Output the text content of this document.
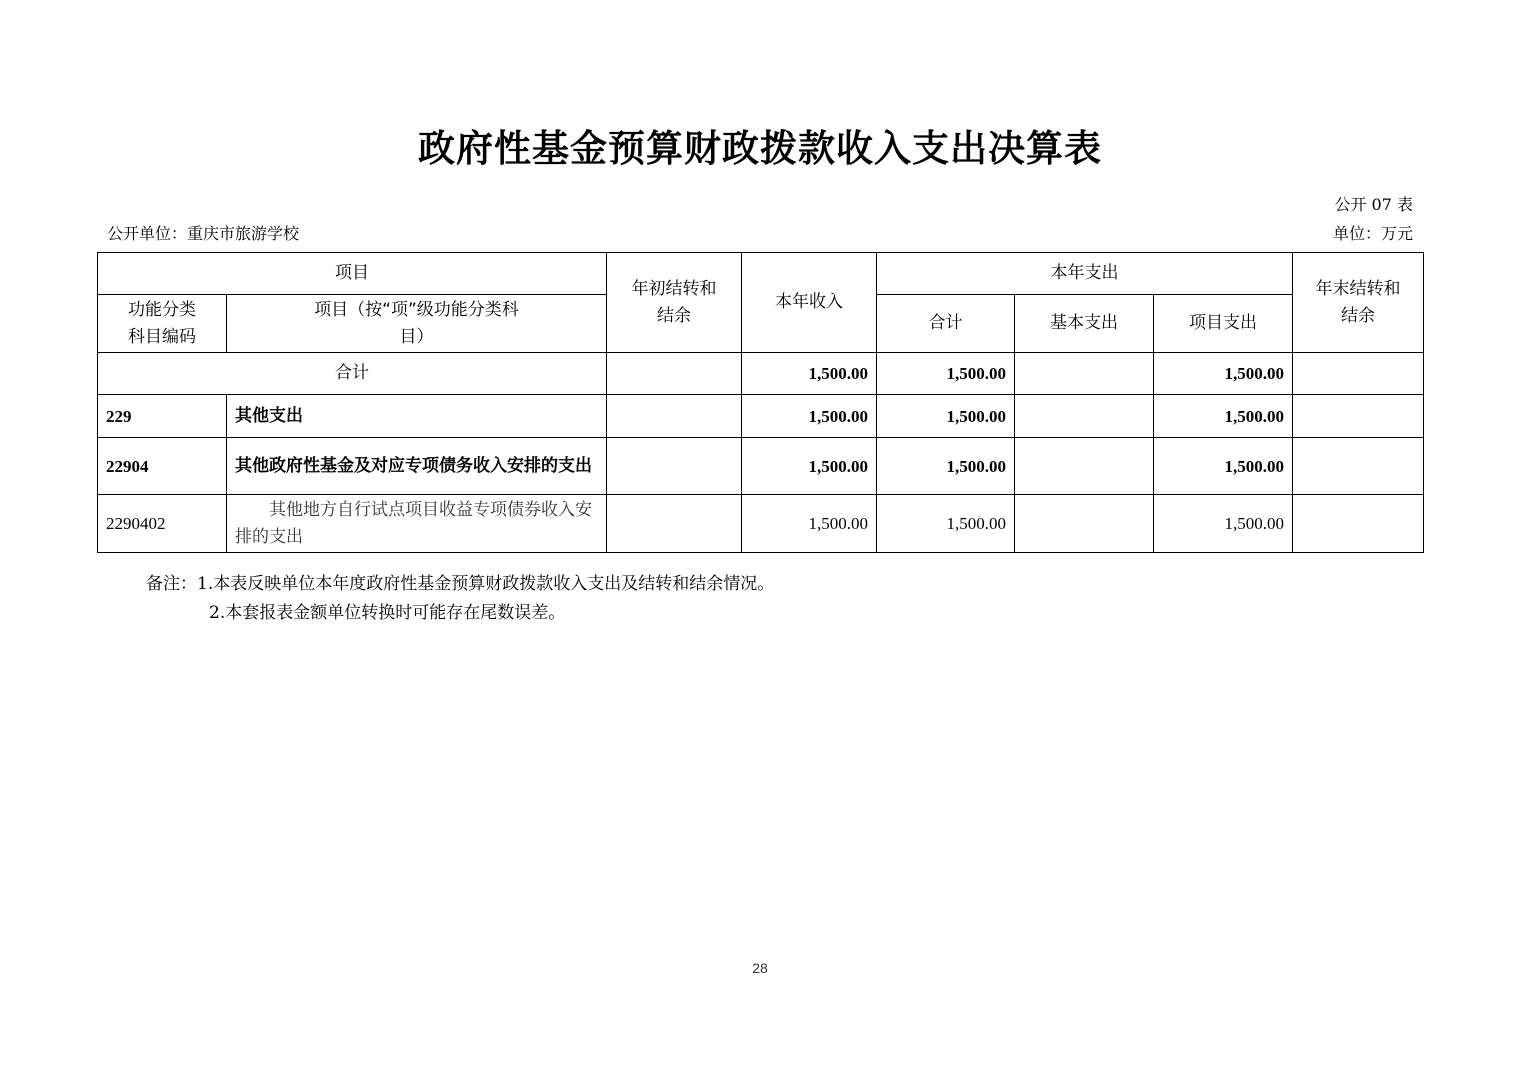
政府性基金预算财政拨款收入支出决算表
公开 07 表
公开单位：重庆市旅游学校	单位：万元
项目		年初结转和结余	本年收入	本年支出			年末结转和结余

功能分类科目编码	项目（按“项”级功能分类科目）			合计	基本支出	项目支出	
合计			1,500.00	1,500.00		1,500.00	
229	其他支出		1,500.00	1,500.00		1,500.00	
22904	其他政府性基金及对应专项债务收入安排的支出		1,500.00	1,500.00		1,500.00	
2290402	其他地方自行试点项目收益专项债券收入安排的支出		1,500.00	1,500.00		1,500.00	
备注：1.本表反映单位本年度政府性基金预算财政拨款收入支出及结转和结余情况。
2.本套报表金额单位转换时可能存在尾数误差。
28
